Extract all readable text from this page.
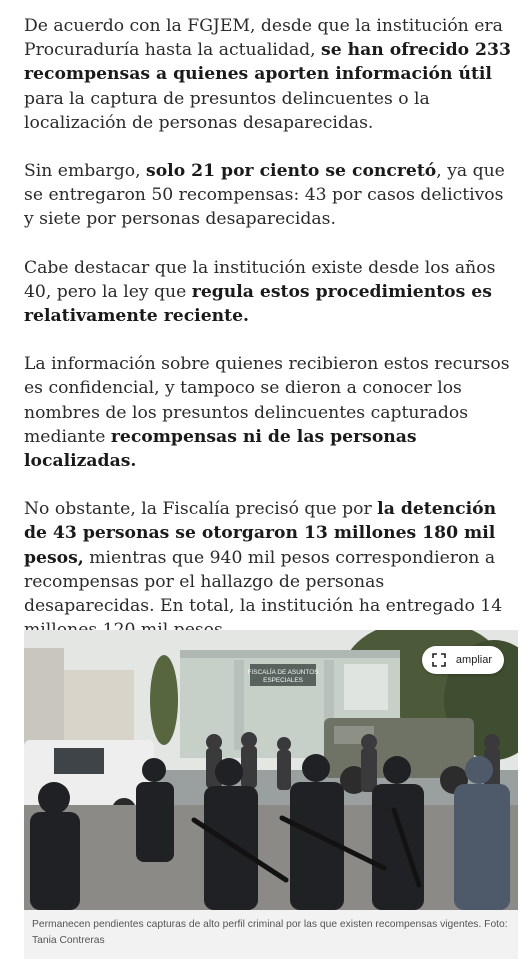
De acuerdo con la FGJEM, desde que la institución era Procuraduría hasta la actualidad, se han ofrecido 233 recompensas a quienes aporten información útil para la captura de presuntos delincuentes o la localización de personas desaparecidas.

Sin embargo, solo 21 por ciento se concretó, ya que se entregaron 50 recompensas: 43 por casos delictivos y siete por personas desaparecidas.

Cabe destacar que la institución existe desde los años 40, pero la ley que regula estos procedimientos es relativamente reciente.

La información sobre quienes recibieron estos recursos es confidencial, y tampoco se dieron a conocer los nombres de los presuntos delincuentes capturados mediante recompensas ni de las personas localizadas.

No obstante, la Fiscalía precisó que por la detención de 43 personas se otorgaron 13 millones 180 mil pesos, mientras que 940 mil pesos correspondieron a recompensas por el hallazgo de personas desaparecidas. En total, la institución ha entregado 14

FISCALÍA DE ASUNTOS
ESPECIALES
ampliar
Permanecen pendientes capturas de alto perfil criminal por las que existen recompensas vigentes. Foto: Tania Contreras
